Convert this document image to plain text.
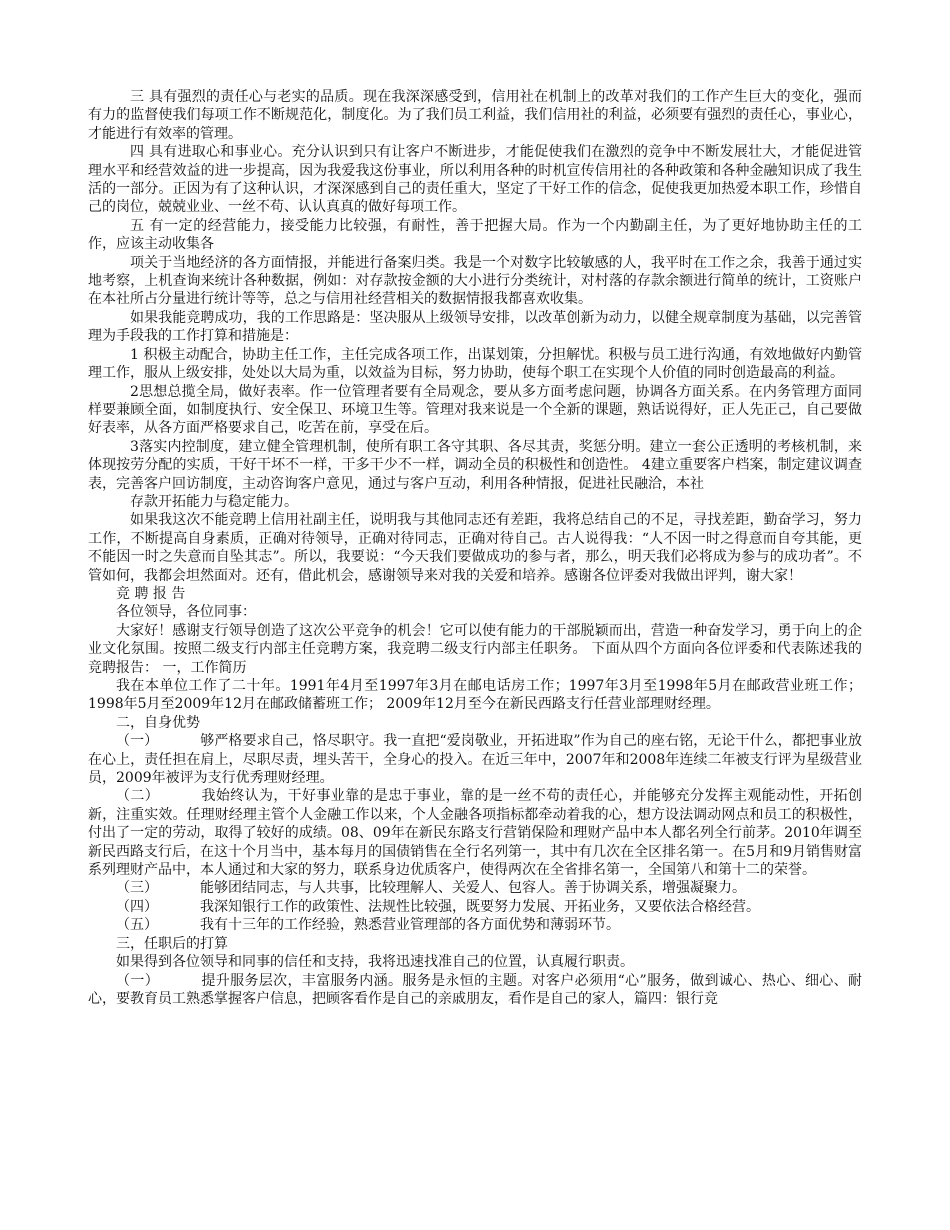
三 具有强烈的责任心与老实的品质。现在我深深感受到，信用社在机制上的改革对我们的工作产生巨大的变化，强而有力的监督使我们每项工作不断规范化，制度化。为了我们员工利益，我们信用社的利益，必须要有强烈的责任心，事业心，才能进行有效率的管理。

四 具有进取心和事业心。充分认识到只有让客户不断进步，才能促使我们在激烈的竞争中不断发展壮大，才能促进管理水平和经营效益的进一步提高，因为我爱我这份事业，所以利用各种的时机宣传信用社的各种政策和各种金融知识成了我生活的一部分。正因为有了这种认识，才深深感到自己的责任重大，坚定了干好工作的信念，促使我更加热爱本职工作，珍惜自己的岗位，兢兢业业、一丝不苟、认认真真的做好每项工作。

五 有一定的经营能力，接受能力比较强，有耐性，善于把握大局。作为一个内勤副主任，为了更好地协助主任的工作，应该主动收集各

项关于当地经济的各方面情报，并能进行备案归类。我是一个对数字比较敏感的人，我平时在工作之余，我善于通过实地考察，上机查询来统计各种数据，例如：对存款按金额的大小进行分类统计，对村落的存款余额进行简单的统计，工资账户在本社所占分量进行统计等等，总之与信用社经营相关的数据情报我都喜欢收集。

如果我能竞聘成功，我的工作思路是：坚决服从上级领导安排，以改革创新为动力，以健全规章制度为基础，以完善管理为手段我的工作打算和措施是：

1 积极主动配合，协助主任工作，主任完成各项工作，出谋划策，分担解忧。积极与员工进行沟通，有效地做好内勤管理工作，服从上级安排，处处以大局为重，以效益为目标，努力协助，使每个职工在实现个人价值的同时创造最高的利益。

2思想总揽全局，做好表率。作一位管理者要有全局观念，要从多方面考虑问题，协调各方面关系。在内务管理方面同样要兼顾全面，如制度执行、安全保卫、环境卫生等。管理对我来说是一个全新的课题，熟话说得好，正人先正己，自己要做好表率，从各方面严格要求自己，吃苦在前，享受在后。

3落实内控制度，建立健全管理机制，使所有职工各守其职、各尽其责，奖惩分明。建立一套公正透明的考核机制，来体现按劳分配的实质，干好干坏不一样，干多干少不一样，调动全员的积极性和创造性。 4建立重要客户档案，制定建议调查表，完善客户回访制度，主动咨询客户意见，通过与客户互动，利用各种情报，促进社民融洽，本社

存款开拓能力与稳定能力。

如果我这次不能竞聘上信用社副主任，说明我与其他同志还有差距，我将总结自己的不足，寻找差距，勤奋学习，努力工作，不断提高自身素质，正确对待领导，正确对待同志，正确对待自己。古人说得我：“人不因一时之得意而自夸其能，更不能因一时之失意而自坠其志”。所以，我要说：“今天我们要做成功的参与者，那么，明天我们必将成为参与的成功者”。不管如何，我都会坦然面对。还有，借此机会，感谢领导来对我的关爱和培养。感谢各位评委对我做出评判，谢大家！

竞 聘 报 告

各位领导，各位同事：

大家好！感谢支行领导创造了这次公平竞争的机会！它可以使有能力的干部脱颖而出，营造一种奋发学习，勇于向上的企业文化氛围。按照二级支行内部主任竞聘方案，我竞聘二级支行内部主任职务。 下面从四个方面向各位评委和代表陈述我的竞聘报告： 一，工作简历

我在本单位工作了二十年。1991年4月至1997年3月在邮电话房工作；1997年3月至1998年5月在邮政营业班工作；1998年5月至2009年12月在邮政储蓄班工作； 2009年12月至今在新民西路支行任营业部理财经理。

二，自身优势

（一）	够严格要求自己，恪尽职守。我一直把“爱岗敬业，开拓进取”作为自己的座右铭，无论干什么，都把事业放在心上，责任担在肩上，尽职尽责，埋头苦干，全身心的投入。在近三年中，2007年和2008年连续二年被支行评为星级营业员，2009年被评为支行优秀理财经理。

（二）	我始终认为，干好事业靠的是忠于事业，靠的是一丝不苟的责任心，并能够充分发挥主观能动性，开拓创新，注重实效。任理财经理主管个人金融工作以来，个人金融各项指标都牵动着我的心，想方设法调动网点和员工的积极性，付出了一定的劳动，取得了较好的成绩。08、09年在新民东路支行营销保险和理财产品中本人都名列全行前茅。2010年调至新民西路支行后，在这十个月当中，基本每月的国债销售在全行名列第一，其中有几次在全区排名第一。在5月和9月销售财富系列理财产品中，本人通过和大家的努力，联系身边优质客户，使得两次在全省排名第一，全国第八和第十二的荣誉。

（三）	能够团结同志，与人共事，比较理解人、关爱人、包容人。善于协调关系，增强凝聚力。

（四）	我深知银行工作的政策性、法规性比较强，既要努力发展、开拓业务，又要依法合格经营。

（五）	我有十三年的工作经验，熟悉营业管理部的各方面优势和薄弱环节。

三，任职后的打算

如果得到各位领导和同事的信任和支持，我将迅速找准自己的位置，认真履行职责。

（一）	提升服务层次，丰富服务内涵。服务是永恒的主题。对客户必须用“心”服务，做到诚心、热心、细心、耐心，要教育员工熟悉掌握客户信息，把顾客看作是自己的亲戚朋友，看作是自己的家人，篇四：银行竞
